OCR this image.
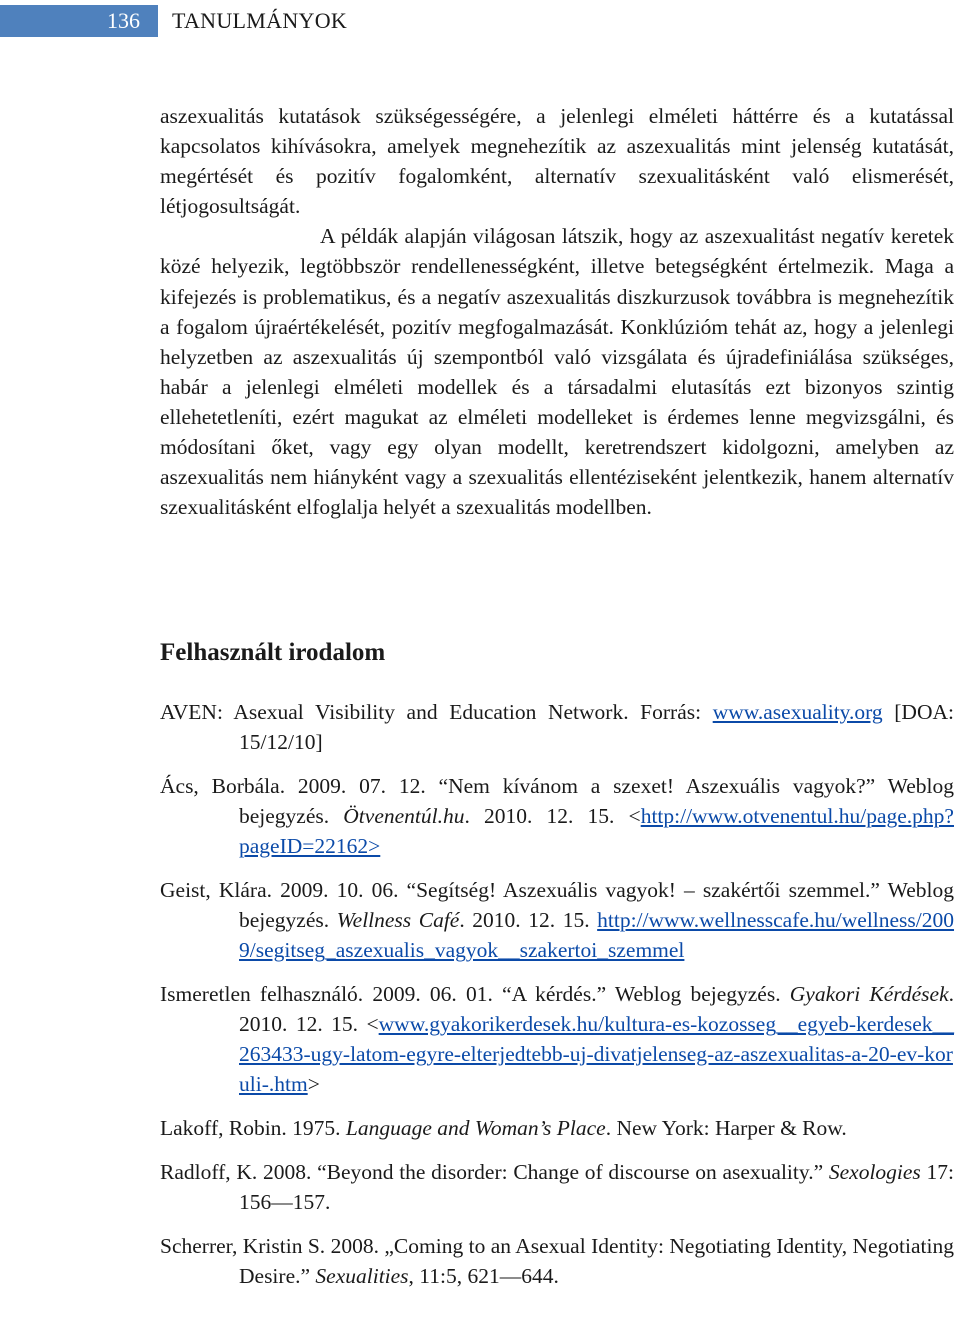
136	TANULMÁNYOK
aszexualitás kutatások szükségességére, a jelenlegi elméleti háttérre és a kutatással kapcsolatos kihívásokra, amelyek megnehezítik az aszexualitás mint jelenség kutatását, megértését és pozitív fogalomként, alternatív szexualitásként való elismerését, létjogosultságát.
A példák alapján világosan látszik, hogy az aszexualitást negatív keretek közé helyezik, legtöbbször rendellenességként, illetve betegségként értelmezik. Maga a kifejezés is problematikus, és a negatív aszexualitás diszkurzusok továbbra is megnehezítik a fogalom újraértékelését, pozitív megfogalmazását. Konklúzióm tehát az, hogy a jelenlegi helyzetben az aszexualitás új szempontból való vizsgálata és újradefiniálása szükséges, habár a jelenlegi elméleti modellek és a társadalmi elutasítás ezt bizonyos szintig ellehetetleníti, ezért magukat az elméleti modelleket is érdemes lenne megvizsgálni, és módosítani őket, vagy egy olyan modellt, keretrendszert kidolgozni, amelyben az aszexualitás nem hiányként vagy a szexualitás ellentéziseként jelentkezik, hanem alternatív szexualitásként elfoglalja helyét a szexualitás modellben.
Felhasznált irodalom
AVEN: Asexual Visibility and Education Network. Forrás: www.asexuality.org [DOA: 15/12/10]
Ács, Borbála. 2009. 07. 12. “Nem kívánom a szexet! Aszexuális vagyok?” Weblog bejegyzés. Ötvenentúl.hu. 2010. 12. 15. <http://www.otvenentul.hu/page.php?pageID=22162>
Geist, Klára. 2009. 10. 06. “Segítség! Aszexuális vagyok! – szakértői szemmel.” Weblog bejegyzés. Wellness Café. 2010. 12. 15. http://www.wellnesscafe.hu/wellness/2009/segitseg_aszexualis_vagyok__szakertoi_szemmel
Ismeretlen felhasználó. 2009. 06. 01. “A kérdés.” Weblog bejegyzés. Gyakori Kérdések. 2010. 12. 15. <www.gyakorikerdesek.hu/kultura-es-kozosseg__egyeb-kerdesek__263433-ugy-latom-egyre-elterjedtebb-uj-divatjelenseg-az-aszexualitas-a-20-ev-koruli-.htm>
Lakoff, Robin. 1975. Language and Woman’s Place. New York: Harper & Row.
Radloff, K. 2008. “Beyond the disorder: Change of discourse on asexuality.” Sexologies 17: 156—157.
Scherrer, Kristin S. 2008. „Coming to an Asexual Identity: Negotiating Identity, Negotiating Desire.” Sexualities, 11:5, 621—644.
